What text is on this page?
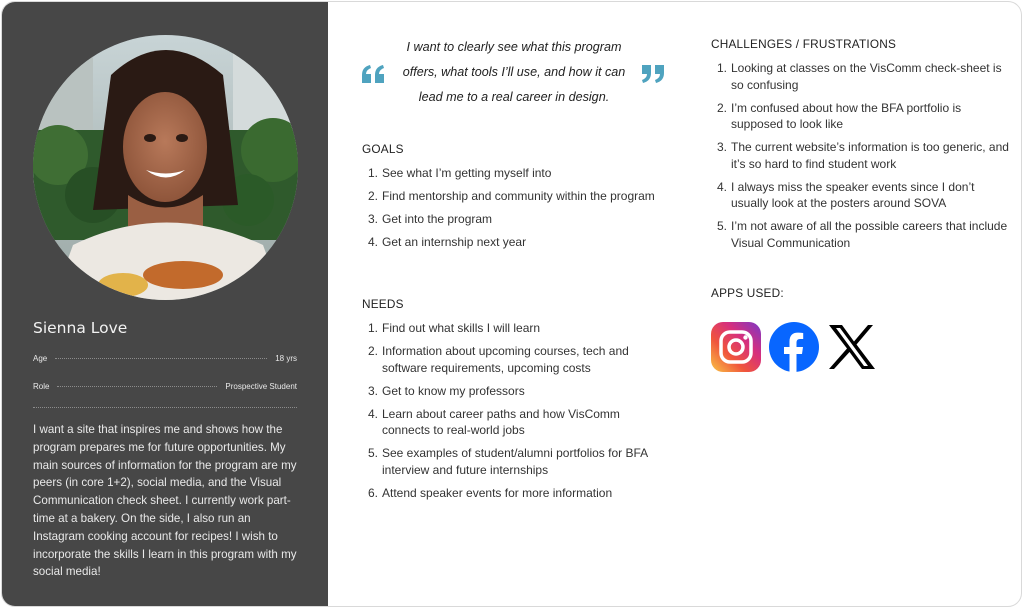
Sienna Love
Age	18 yrs
Role	Prospective Student

I want a site that inspires me and shows how the program prepares me for future opportunities. My main sources of information for the program are my peers (in core 1+2), social media, and the Visual Communication check sheet. I currently work part-time at a bakery. On the side, I also run an Instagram cooking account for recipes! I wish to incorporate the skills I learn in this program with my social media!

I want to clearly see what this program
offers, what tools I’ll use, and how it can
lead me to a real career in design.
GOALS
1. See what I’m getting myself into
2. Find mentorship and community within the program
3. Get into the program
4. Get an internship next year
NEEDS
1. Find out what skills I will learn
2. Information about upcoming courses, tech and software requirements, upcoming costs
3. Get to know my professors
4. Learn about career paths and how VisComm connects to real-world jobs
5. See examples of student/alumni portfolios for BFA interview and future internships
6. Attend speaker events for more information
CHALLENGES / FRUSTRATIONS
1. Looking at classes on the VisComm check-sheet is so confusing
2. I’m confused about how the BFA portfolio is supposed to look like
3. The current website’s information is too generic, and it’s so hard to find student work
4. I always miss the speaker events since I don’t usually look at the posters around SOVA
5. I’m not aware of all the possible careers that include Visual Communication
APPS USED:
